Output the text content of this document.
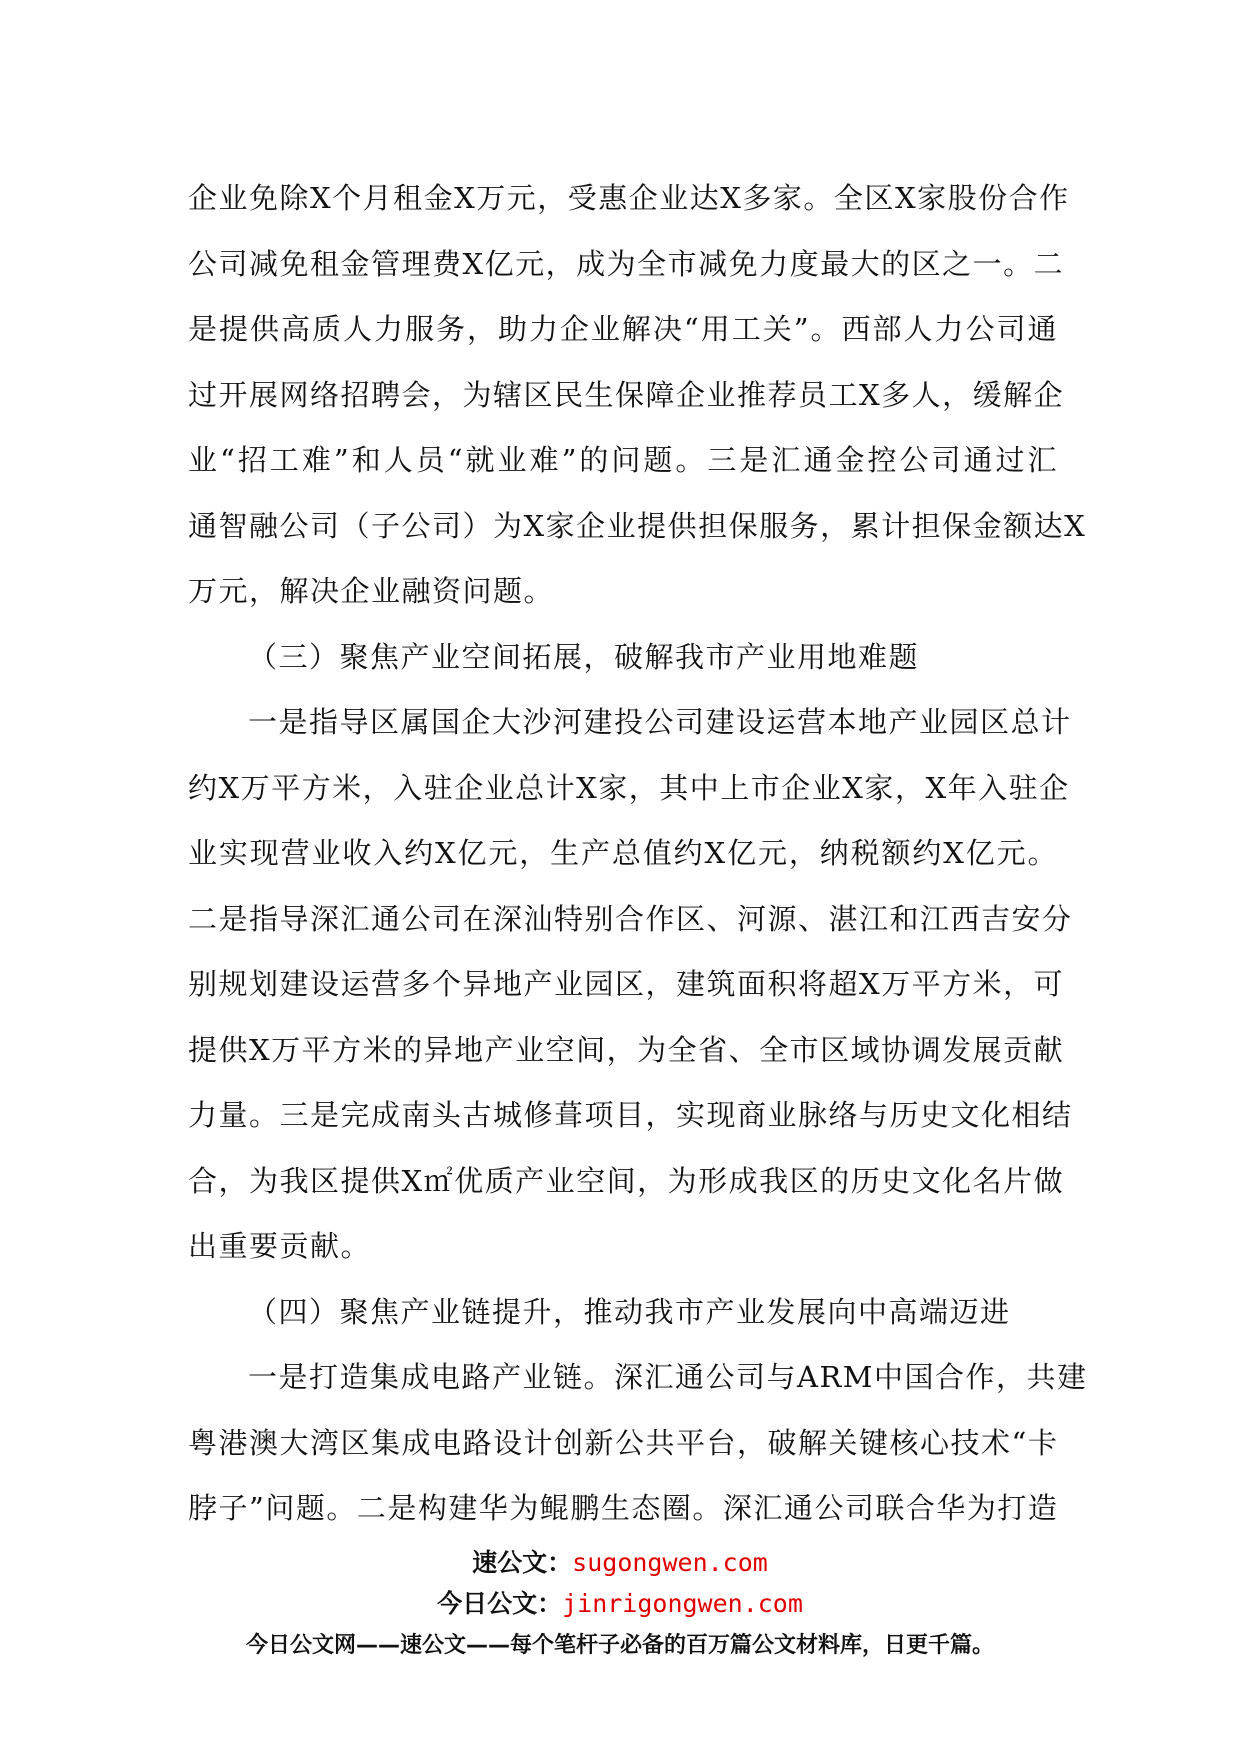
企业免除X个月租金X万元，受惠企业达X多家。全区X家股份合作
公司减免租金管理费X亿元，成为全市减免力度最大的区之一。二
是提供高质人力服务，助力企业解决“用工关”。西部人力公司通
过开展网络招聘会，为辖区民生保障企业推荐员工X多人，缓解企
业“招工难”和人员“就业难”的问题。三是汇通金控公司通过汇
通智融公司（子公司）为X家企业提供担保服务，累计担保金额达X
万元，解决企业融资问题。
（三）聚焦产业空间拓展，破解我市产业用地难题
一是指导区属国企大沙河建投公司建设运营本地产业园区总计
约X万平方米，入驻企业总计X家，其中上市企业X家，X年入驻企
业实现营业收入约X亿元，生产总值约X亿元，纳税额约X亿元。
二是指导深汇通公司在深汕特别合作区、河源、湛江和江西吉安分
别规划建设运营多个异地产业园区，建筑面积将超X万平方米，可
提供X万平方米的异地产业空间，为全省、全市区域协调发展贡献
力量。三是完成南头古城修葺项目，实现商业脉络与历史文化相结
合，为我区提供X㎡优质产业空间，为形成我区的历史文化名片做
出重要贡献。
（四）聚焦产业链提升，推动我市产业发展向中高端迈进
一是打造集成电路产业链。深汇通公司与ARM中国合作，共建
粤港澳大湾区集成电路设计创新公共平台，破解关键核心技术“卡
脖子”问题。二是构建华为鲲鹏生态圈。深汇通公司联合华为打造
速公文：sugongwen.com
今日公文：jinrigongwen.com
今日公文网——速公文——每个笔杆子必备的百万篇公文材料库，日更千篇。
